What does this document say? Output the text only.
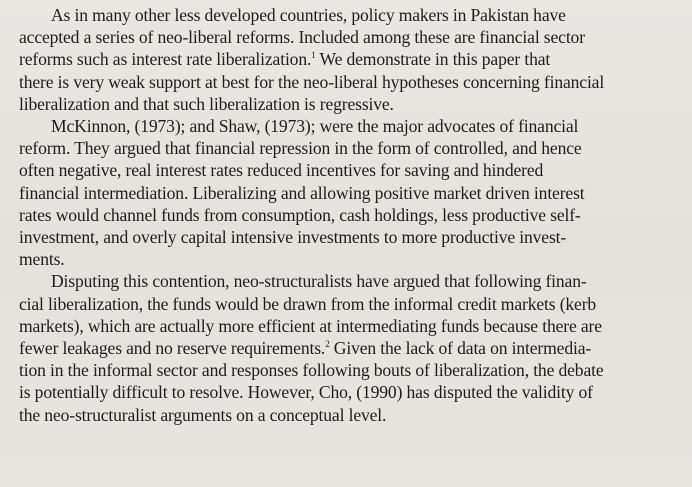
As in many other less developed countries, policy makers in Pakistan have
accepted a series of neo-liberal reforms. Included among these are financial sector
reforms such as interest rate liberalization.$^1$ We demonstrate in this paper that
there is very weak support at best for the neo-liberal hypotheses concerning financial
liberalization and that such liberalization is regressive.

McKinnon, (1973); and Shaw, (1973); were the major advocates of financial
reform. They argued that financial repression in the form of controlled, and hence
often negative, real interest rates reduced incentives for saving and hindered
financial intermediation. Liberalizing and allowing positive market driven interest
rates would channel funds from consumption, cash holdings, less productive self-
investment, and overly capital intensive investments to more productive invest-
ments.

Disputing this contention, neo-structuralists have argued that following finan-
cial liberalization, the funds would be drawn from the informal credit markets (kerb
markets), which are actually more efficient at intermediating funds because there are
fewer leakages and no reserve requirements.$^2$ Given the lack of data on intermedia-
tion in the informal sector and responses following bouts of liberalization, the debate
is potentially difficult to resolve. However, Cho, (1990) has disputed the validity of
the neo-structuralist arguments on a conceptual level.
